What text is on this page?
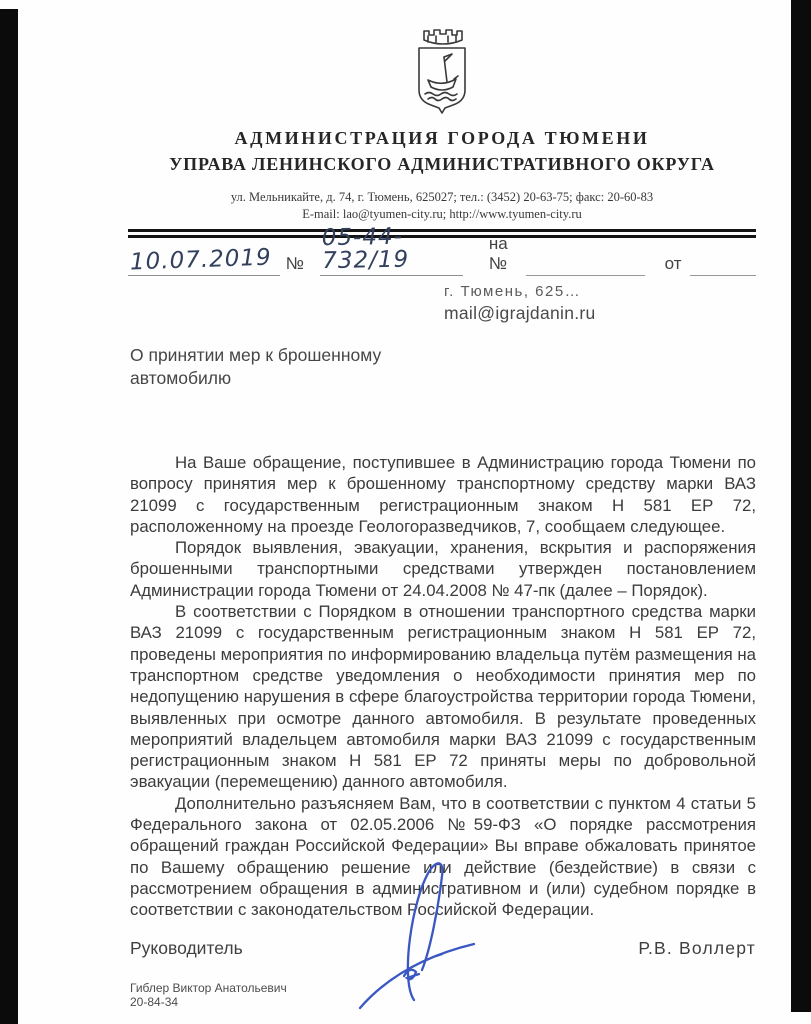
АДМИНИСТРАЦИЯ ГОРОДА ТЮМЕНИ
УПРАВА ЛЕНИНСКОГО АДМИНИСТРАТИВНОГО ОКРУГА
ул. Мельникайте, д. 74, г. Тюмень, 625027; тел.: (3452) 20-63-75; факс: 20-60-83
E-mail: lao@tyumen-city.ru; http://www.tyumen-city.ru
10.07.2019 №
05-44-732/19
на №	от
г. Тюмень, 625…
mail@igrajdanin.ru
О принятии мер к брошенному автомобилю

На Ваше обращение, поступившее в Администрацию города Тюмени по вопросу принятия мер к брошенному транспортному средству марки ВАЗ 21099 с государственным регистрационным знаком Н 581 ЕР 72, расположенному на проезде Геологоразведчиков, 7, сообщаем следующее.

Порядок выявления, эвакуации, хранения, вскрытия и распоряжения брошенными транспортными средствами утвержден постановлением Администрации города Тюмени от 24.04.2008 № 47-пк (далее – Порядок).

В соответствии с Порядком в отношении транспортного средства марки ВАЗ 21099 с государственным регистрационным знаком Н 581 ЕР 72, проведены мероприятия по информированию владельца путём размещения на транспортном средстве уведомления о необходимости принятия мер по недопущению нарушения в сфере благоустройства территории города Тюмени, выявленных при осмотре данного автомобиля. В результате проведенных мероприятий владельцем автомобиля марки ВАЗ 21099 с государственным регистрационным знаком Н 581 ЕР 72 приняты меры по добровольной эвакуации (перемещению) данного автомобиля.

Дополнительно разъясняем Вам, что в соответствии с пунктом 4 статьи 5 Федерального закона от 02.05.2006 №59-ФЗ «О порядке рассмотрения обращений граждан Российской Федерации» Вы вправе обжаловать принятое по Вашему обращению решение или действие (бездействие) в связи с рассмотрением обращения в административном и (или) судебном порядке в соответствии с законодательством Российской Федерации.

Руководитель	Р.В. Воллерт
Гиблер Виктор Анатольевич
20-84-34
